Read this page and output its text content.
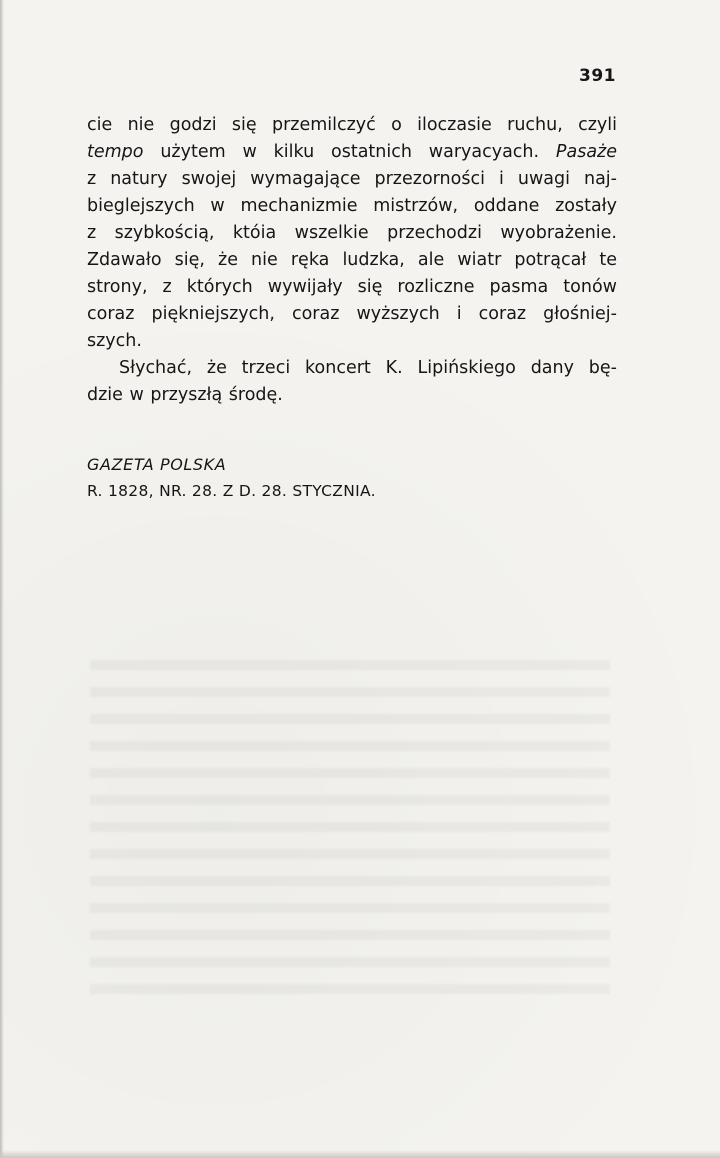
391
cie nie godzi się przemilczyć o iloczasie ruchu, czyli
tempo użytem w kilku ostatnich waryacyach. Pasaże
z natury swojej wymagające przezorności i uwagi naj-
bieglejszych w mechanizmie mistrzów, oddane zostały
z szybkością, któia wszelkie przechodzi wyobrażenie.
Zdawało się, że nie ręka ludzka, ale wiatr potrącał te
strony, z których wywijały się rozliczne pasma tonów
coraz piękniejszych, coraz wyższych i coraz głośniej-
szych.
Słychać, że trzeci koncert K. Lipińskiego dany bę-
dzie w przyszłą środę.
GAZETA POLSKA
R. 1828, NR. 28. Z D. 28. STYCZNIA.
